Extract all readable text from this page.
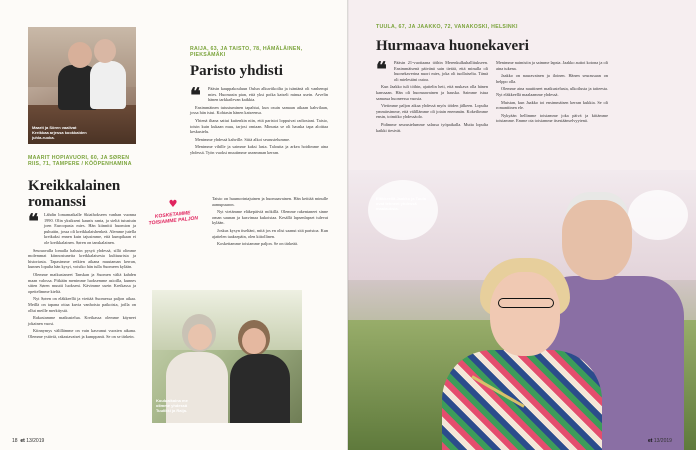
Maarit ja Sören vaalivat Kreikkaa arjessa kookkaiden juhla-ruoka.
MAARIT HOPIAVUORI, 60, JA SØREN RIIS, 71, TAMPERE / KÖÖPENHAMINA
Kreikkalainen romanssi
❝	Lähdin lomamatkalle Skiathokseen vanhan vuonna 1990. Olin yksikseni kaunis ranta, ja sieltä tutustuin joen Euroopasta mies. Hän kiinnitti huomion ja puhuttin, jossa oli kreikkalaishenkeä. Alemme jutella kreikaksi ennen kuin tajusimme, että kumpikaan ei ole kreikkalainen. Søren on tanskalainen.

Seuraavalla lomalla halusin pysyä yhdessä, sillä olimme molemmat kiinnostuneita kreikkalaisesta kulttuurista ja historiasta. Tapasimme retkien aikana muutaman kerran, kunnes lopulta hän kysyi, voisiko hän tulla Suomeen kylään.

Olemme matkustaneet Tanskan ja Suomen väliä kahden maan valossa. Pitkään menimme luoksemme asioilla, kunnes sitten Søren muutti luokseni. Kävimme usein Kreikassa ja opettelimme kieltä.

Nyt Søren on eläkkeellä ja viettää Suomessa paljon aikaa. Meillä on tapana ottaa kuvia vanhoista paikoista, joilla on ollut meille merkitystä.

Rakastamme matkustelua. Kreikassa olemme käyneet jokainen vuosi.

Kiinnymys välillämme on vain kasvanut vuosien aikana. Olemme ystäviä, rakastavaiset ja kumppanit. Se on se tärkein.

RAIJA, 63, JA TAISTO, 78, HÄMÄLÄINEN, PIEKSÄMÄKI
Paristo yhdisti
❝	Pääsin kauppakouluun Oulun alkuviikoilta ja isäntänä oli vanhempi mies. Huomasin pian, että yksi poika katseli minua usein. Arvelin hänen tarkkailevan kaikkia.

Ensimmäinen tutustuminen tapahtui, kun osuin samaan aikaan kahvilaan, jossa hän istui. Kohtasin hänen katseensa.

Yhtenä iltana sattui kuitenkin niin, että paristot loppuivat radiostani. Taisto, toisin kuin kukaan muu, tarjosi omiaan. Minusta se oli hauska tapa aloittaa keskustelu.

Menimme yhdessä kahville. Siitä alkoi seurustelumme.

Menimme vihille ja saimme kaksi lasta. Taloutta ja arkea hoidimme aina yhdessä. Työn vuoksi muutimme useamman kerran.

Taisto on huumorintajuinen ja huomaavainen. Hän keittää minulle aamupuuron.

Nyt vietämme eläkepäiviä mökillä. Olemme rakentaneet sinne oman saunan ja kasvimaa kukoistaa. Kesällä lapsenlapset tulevat kylään.

Joskus kysyn itseltäni, mitä jos en olisi saanut sitä paristoa. Kun ajattelen taaksepäin, olen kiitollinen.

Koskettamme toisiamme paljon. Se on tärkeää.

♥
KOSKETAMME TOISIAMME PALJON
Kouluaikaina me olimme yhdessä Tuulikki ja Raija.
18 et 13/2019
TUULA, 67, JA JAAKKO, 72, VANAKOSKI, HELSINKI
Hurmaava huonekaveri
❝	Pääsin 21-vuotiaana töihin Merenkulkuhallitukseen. Ensimmäisenä päivänä sain tietää, että minulla oli huonekaverina nuori mies, joka oli tuollaiselta. Tämä oli mielestäni outoa.

Kun Jaakko tuli töihin, ajattelin heti, että mukava olla hänen kanssaan. Hän oli huomaavainen ja hauska. Saimme istua samassa huoneessa vuosia.

Vietimme paljon aikaa yhdessä myös töiden jälkeen. Lopulta ymmärsimme, että välillämme oli jotain enemmän. Kokeilimme ensin, toimiiko yhdessäolo.

Pidimme seurustelumme salassa työpaikalla. Mutta lopulta kaikki tiesivät.

Menimme naimisiin ja saimme lapsia. Jaakko auttoi kotona ja oli aina tukena.

Jaakko on nauravainen ja iloinen. Hänen seurassaan on helppo olla.

Olemme aina nauttineet matkustelusta, ulkoilusta ja taiteesta. Nyt eläkkeellä maalaamme yhdessä.

Muistan, kun Jaakko toi ensimmäisen kerran kukkia. Se oli romanttinen ele.

Nykyään hellimme toisiamme joka päivä ja kiitämme toisiamme. Emme ota toisiamme itsestäänselvyytenä.

Eläkkeellä Jaakko ja Tuula ovat tehneet yhdessä maalauksia.
et 13/2019
